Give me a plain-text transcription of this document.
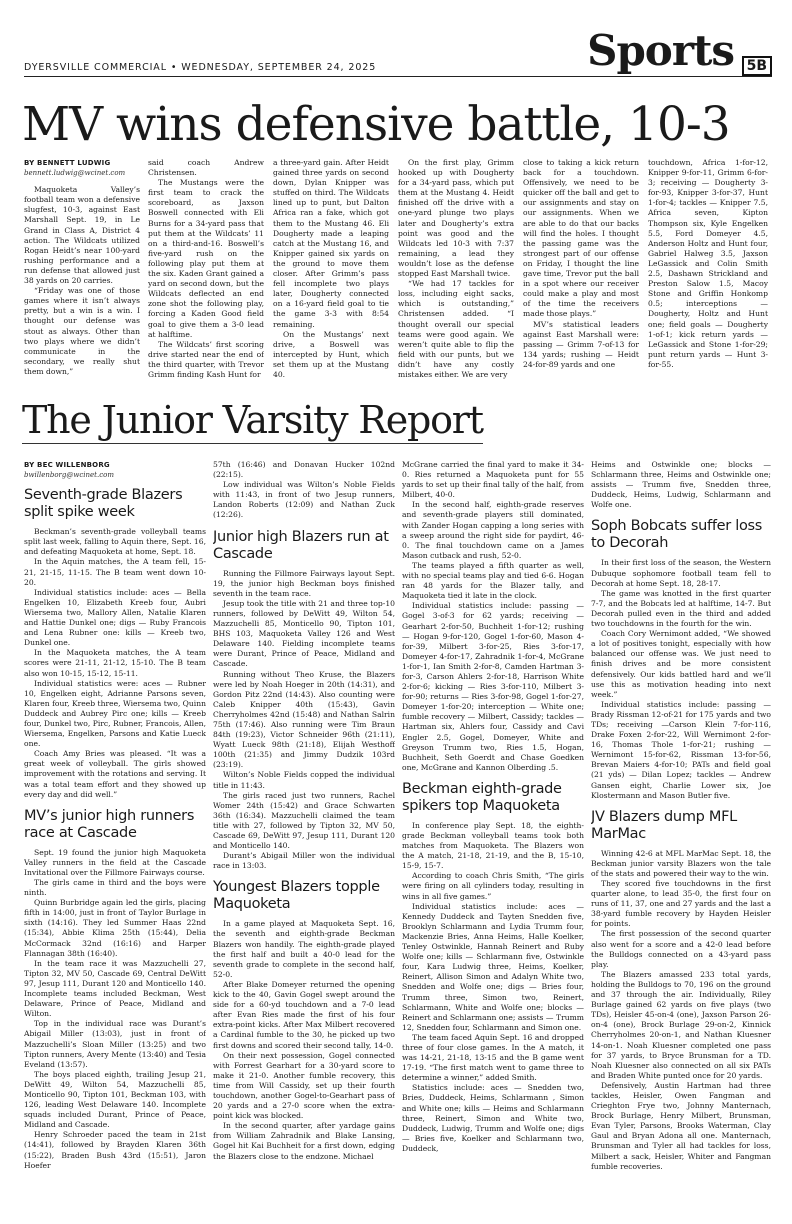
Sports 5B
DYERSVILLE COMMERCIAL • WEDNESDAY, SEPTEMBER 24, 2025
MV wins defensive battle, 10-3
BY BENNETT LUDWIG
bennett.ludwig@wcinet.com

Maquoketa Valley’s football team won a defensive slugfest, 10-3, against East Marshall Sept. 19, in Le Grand in Class A, District 4 action. The Wildcats utilized Rogan Heidt’s near 100-yard rushing performance and a run defense that allowed just 38 yards on 20 carries.

“Friday was one of those games where it isn’t always pretty, but a win is a win. I thought our defense was stout as always. Other than two plays where we didn’t communicate in the secondary, we really shut them down,”

said coach Andrew Christensen.

The Mustangs were the first team to crack the scoreboard, as Jaxson Boswell connected with Eli Burns for a 34-yard pass that put them at the Wildcats’ 11 on a third-and-16. Boswell’s five-yard rush on the following play put them at the six. Kaden Grant gained a yard on second down, but the Wildcats deflected an end zone shot the following play, forcing a Kaden Good field goal to give them a 3-0 lead at halftime.

The Wildcats’ first scoring drive started near the end of the third quarter, with Trevor Grimm finding Kash Hunt for

a three-yard gain. After Heidt gained three yards on second down, Dylan Knipper was stuffed on third. The Wildcats lined up to punt, but Dalton Africa ran a fake, which got them to the Mustang 46. Eli Dougherty made a leaping catch at the Mustang 16, and Knipper gained six yards on the ground to move them closer. After Grimm’s pass fell incomplete two plays later, Dougherty connected on a 16-yard field goal to tie the game 3-3 with 8:54 remaining.

On the Mustangs’ next drive, a Boswell was intercepted by Hunt, which set them up at the Mustang 40.

On the first play, Grimm hooked up with Dougherty for a 34-yard pass, which put them at the Mustang 4. Heidt finished off the drive with a one-yard plunge two plays later and Dougherty’s extra point was good and the Wildcats led 10-3 with 7:37 remaining, a lead they wouldn’t lose as the defense stopped East Marshall twice.

“We had 17 tackles for loss, including eight sacks, which is outstanding,” Christensen added. “I thought overall our special teams were good again. We weren’t quite able to flip the field with our punts, but we didn’t have any costly mistakes either. We are very

close to taking a kick return back for a touchdown. Offensively, we need to be quicker off the ball and get to our assignments and stay on our assignments. When we are able to do that our backs will find the holes. I thought the passing game was the strongest part of our offense on Friday, I thought the line gave time, Trevor put the ball in a spot where our receiver could make a play and most of the time the receivers made those plays.”

MV’s statistical leaders against East Marshall were: passing — Grimm 7-of-13 for 134 yards; rushing — Heidt 24-for-89 yards and one

touchdown, Africa 1-for-12, Knipper 9-for-11, Grimm 6-for-3; receiving — Dougherty 3-for-93, Knipper 3-for-37, Hunt 1-for-4; tackles — Knipper 7.5, Africa seven, Kipton Thompson six, Kyle Engelken 5.5, Ford Domeyer 4.5, Anderson Holtz and Hunt four, Gabriel Halweg 3.5, Jaxson LeGassick and Colin Smith 2.5, Dashawn Strickland and Preston Salow 1.5, Macoy Stone and Griffin Honkomp 0.5; interceptions — Dougherty, Holtz and Hunt one; field goals — Dougherty 1-of-1; kick return yards — LeGassick and Stone 1-for-29; punt return yards — Hunt 3-for-55.

The Junior Varsity Report
BY BEC WILLENBORG
bwillenborg@wcinet.com
Seventh-grade Blazers split spike week

Beckman’s seventh-grade volleyball teams split last week, falling to Aquin there, Sept. 16, and defeating Maquoketa at home, Sept. 18.

In the Aquin matches, the A team fell, 15-21, 21-15, 11-15. The B team went down 10-20.

Individual statistics include: aces — Bella Engelken 10, Elizabeth Kreeb four, Aubri Wiersema two, Mallory Allen, Natalie Klaren and Hattie Dunkel one; digs — Ruby Francois and Lena Rubner one: kills — Kreeb two, Dunkel one.

In the Maquoketa matches, the A team scores were 21-11, 21-12, 15-10. The B team also won 10-15, 15-12, 15-11.

Individual statistics were: aces — Rubner 10, Engelken eight, Adrianne Parsons seven, Klaren four, Kreeb three, Wiersema two, Quinn Duddeck and Aubrey Pirc one; kills — Kreeb four, Dunkel two, Pirc, Rubner, Francois, Allen, Wiersema, Engelken, Parsons and Katie Lueck one.

Coach Amy Bries was pleased. “It was a great week of volleyball. The girls showed improvement with the rotations and serving. It was a total team effort and they showed up every day and did well.”

MV’s junior high runners race at Cascade

Sept. 19 found the junior high Maquoketa Valley runners in the field at the Cascade Invitational over the Fillmore Fairways course.

The girls came in third and the boys were ninth.

Quinn Burbridge again led the girls, placing fifth in 14:00, just in front of Taylor Burlage in sixth (14:16). They led Summer Haas 22nd (15:34), Abbie Klima 25th (15:44), Delia McCormack 32nd (16:16) and Harper Flannagan 38th (16:40).

In the team race it was Mazzuchelli 27, Tipton 32, MV 50, Cascade 69, Central DeWitt 97, Jesup 111, Durant 120 and Monticello 140. Incomplete teams included Beckman, West Delaware, Prince of Peace, Midland and Wilton.

Top in the individual race was Durant’s Abigail Miller (13:03), just in front of Mazzuchelli’s Sloan Miller (13:25) and two Tipton runners, Avery Mente (13:40) and Tesia Eveland (13:57).

The boys placed eighth, trailing Jesup 21, DeWitt 49, Wilton 54, Mazzuchelli 85, Monticello 90, Tipton 101, Beckman 103, with 126, leading West Delaware 140. Incomplete squads included Durant, Prince of Peace, Midland and Cascade.

Henry Schroeder paced the team in 21st (14:41), followed by Brayden Klaren 36th (15:22), Braden Bush 43rd (15:51), Jaron Hoefer

57th (16:46) and Donavan Hucker 102nd (22:15).

Low individual was Wilton’s Noble Fields with 11:43, in front of two Jesup runners, Landon Roberts (12:09) and Nathan Zuck (12:26).

Junior high Blazers run at Cascade

Running the Fillmore Fairways layout Sept. 19, the junior high Beckman boys finished seventh in the team race.

Jesup took the title with 21 and three top-10 runners, followed by DeWitt 49, Wilton 54, Mazzuchelli 85, Monticello 90, Tipton 101, BHS 103, Maquoketa Valley 126 and West Delaware 140. Fielding incomplete teams were Durant, Prince of Peace, Midland and Cascade.

Running without Theo Kruse, the Blazers were led by Noah Hoeger in 20th (14:31), and Gordon Pitz 22nd (14:43). Also counting were Caleb Knipper 40th (15:43), Gavin Cherryholmes 42nd (15:48) and Nathan Salrin 75th (17:46). Also running were Tim Braun 84th (19:23), Victor Schneider 96th (21:11), Wyatt Lueck 98th (21:18), Elijah Westhoff 100th (21:35) and Jimmy Dudzik 103rd (23:19).

Wilton’s Noble Fields copped the individual title in 11:43.

The girls raced just two runners, Rachel Womer 24th (15:42) and Grace Schwarten 36th (16:34). Mazzuchelli claimed the team title with 27, followed by Tipton 32, MV 50, Cascade 69, DeWitt 97, Jesup 111, Durant 120 and Monticello 140.

Durant’s Abigail Miller won the individual race in 13:03.

Youngest Blazers topple Maquoketa

In a game played at Maquoketa Sept. 16, the seventh and eighth-grade Beckman Blazers won handily. The eighth-grade played the first half and built a 40-0 lead for the seventh grade to complete in the second half, 52-0.

After Blake Domeyer returned the opening kick to the 40, Gavin Gogel swept around the side for a 60-yd touchdown and a 7-0 lead after Evan Ries made the first of his four extra-point kicks. After Max Milbert recovered a Cardinal fumble to the 30, he picked up two first downs and scored their second tally, 14-0.

On their next possession, Gogel connected with Forrest Gearhart for a 30-yard score to make it 21-0. Another fumble recovery, this time from Will Cassidy, set up their fourth touchdown, another Gogel-to-Gearhart pass of 20 yards and a 27-0 score when the extra-point kick was blocked.

In the second quarter, after yardage gains from William Zahradnik and Blake Lansing, Gogel hit Kai Buchheit for a first down, edging the Blazers close to the endzone. Michael

McGrane carried the final yard to make it 34-0. Ries returned a Maquoketa punt for 55 yards to set up their final tally of the half, from Milbert, 40-0.

In the second half, eighth-grade reserves and seventh-grade players still dominated, with Zander Hogan capping a long series with a sweep around the right side for paydirt, 46-0. The final touchdown came on a James Mason cutback and rush, 52-0.

The teams played a fifth quarter as well, with no special teams play and tied 6-6. Hogan ran 48 yards for the Blazer tally, and Maquoketa tied it late in the clock.

Individual statistics include: passing — Gogel 3-of-3 for 62 yards; receiving — Gearhart 2-for-50, Buchheit 1-for-12; rushing — Hogan 9-for-120, Gogel 1-for-60, Mason 4-for-39, Milbert 3-for-25, Ries 3-for-17, Domeyer 4-for-17, Zahradnik 1-for-4, McGrane 1-for-1, Ian Smith 2-for-8, Camden Hartman 3-for-3, Carson Ahlers 2-for-18, Harrison White 2-for-6; kicking — Ries 3-for-110, Milbert 3-for-90; returns — Ries 3-for-98, Gogel 1-for-27, Domeyer 1-for-20; interception — White one; fumble recovery — Milbert, Cassidy; tackles —Hartman six, Ahlers four, Cassidy and Cavi Engler 2.5, Gogel, Domeyer, White and Greyson Trumm two, Ries 1.5, Hogan, Buchheit, Seth Goerdt and Chase Goedken one, McGrane and Kannon Olberding .5.

Beckman eighth-grade spikers top Maquoketa

In conference play Sept. 18, the eighth-grade Beckman volleyball teams took both matches from Maquoketa. The Blazers won the A match, 21-18, 21-19, and the B, 15-10, 15-9, 15-7.

According to coach Chris Smith, “The girls were firing on all cylinders today, resulting in wins in all five games.”

Individual statistics include: aces — Kennedy Duddeck and Tayten Snedden five, Brooklyn Schlarmann and Lydia Trumm four, Mackenzie Bries, Anna Heims, Halle Koelker, Tenley Ostwinkle, Hannah Reinert and Ruby Wolfe one; kills — Schlarmann five, Ostwinkle four, Kara Ludwig three, Heims, Koelker, Reinert, Allison Simon and Adalyn White two, Snedden and Wolfe one; digs — Bries four, Trumm three, Simon two, Reinert, Schlarmann, White and Wolfe one; blocks — Reinert and Schlarmann one; assists — Trumm 12, Snedden four, Schlarmann and Simon one.

The team faced Aquin Sept. 16 and dropped three of four close games. In the A match, it was 14-21, 21-18, 13-15 and the B game went 17-19. “The first match went to game three to determine a winner,” added Smith.

Statistics include: aces — Snedden two, Bries, Duddeck, Heims, Schlarmann , Simon and White one; kills — Heims and Schlarmann three, Reinert, Simon and White two, Duddeck, Ludwig, Trumm and Wolfe one; digs— Bries five, Koelker and Schlarmann two, Duddeck,

Heims and Ostwinkle one; blocks — Schlarmann three, Heims and Ostwinkle one; assists — Trumm five, Snedden three, Duddeck, Heims, Ludwig, Schlarmann and Wolfe one.

Soph Bobcats suffer loss to Decorah

In their first loss of the season, the Western Dubuque sophomore football team fell to Decorah at home Sept. 18, 28-17.

The game was knotted in the first quarter 7-7, and the Bobcats led at halftime, 14-7. But Decorah pulled even in the third and added two touchdowns in the fourth for the win.

Coach Cory Wernimont added, “We showed a lot of positives tonight, especially with how balanced our offense was. We just need to finish drives and be more consistent defensively. Our kids battled hard and we’ll use this as motivation heading into next week.”

Individual statistics include: passing — Brady Rissman 12-of-21 for 175 yards and two TDs; receiving —Carson Klein 7-for-116, Drake Foxen 2-for-22, Will Wernimont 2-for-16, Thomas Thole 1-for-21; rushing —Wernimont 15-for-62, Rissman 13-for-56, Brevan Maiers 4-for-10; PATs and field goal (21 yds) — Dilan Lopez; tackles — Andrew Gansen eight, Charlie Lower six, Joe Klostermann and Mason Butler five.

JV Blazers dump MFL MarMac

Winning 42-6 at MFL MarMac Sept. 18, the Beckman junior varsity Blazers won the tale of the stats and powered their way to the win.

They scored five touchdowns in the first quarter alone, to lead 35-0, the first four on runs of 11, 37, one and 27 yards and the last a 38-yard fumble recovery by Hayden Heisler for points.

The first possession of the second quarter also went for a score and a 42-0 lead before the Bulldogs connected on a 43-yard pass play.

The Blazers amassed 233 total yards, holding the Bulldogs to 70, 196 on the ground and 37 through the air. Individually, Riley Burlage gained 62 yards on five plays (two TDs), Heisler 45-on-4 (one), Jaxson Parson 26-on-4 (one), Brock Burlage 29-on-2, Kinnick Cherryholmes 20-on-1, and Nathan Kluesner 14-on-1. Noah Kluesner completed one pass for 37 yards, to Bryce Brunsman for a TD. Noah Kluesner also connected on all six PATs and Braden White punted once for 20 yards.

Defensively, Austin Hartman had three tackles, Heisler, Owen Fangman and Crieghton Frye two, Johnny Manternach, Brock Burlage, Henry Milbert, Brunsman, Evan Tyler, Parsons, Brooks Waterman, Clay Gaul and Bryan Adona all one. Manternach, Brunsman and Tyler all had tackles for loss, Milbert a sack, Heisler, Whiter and Fangman fumble recoveries.
